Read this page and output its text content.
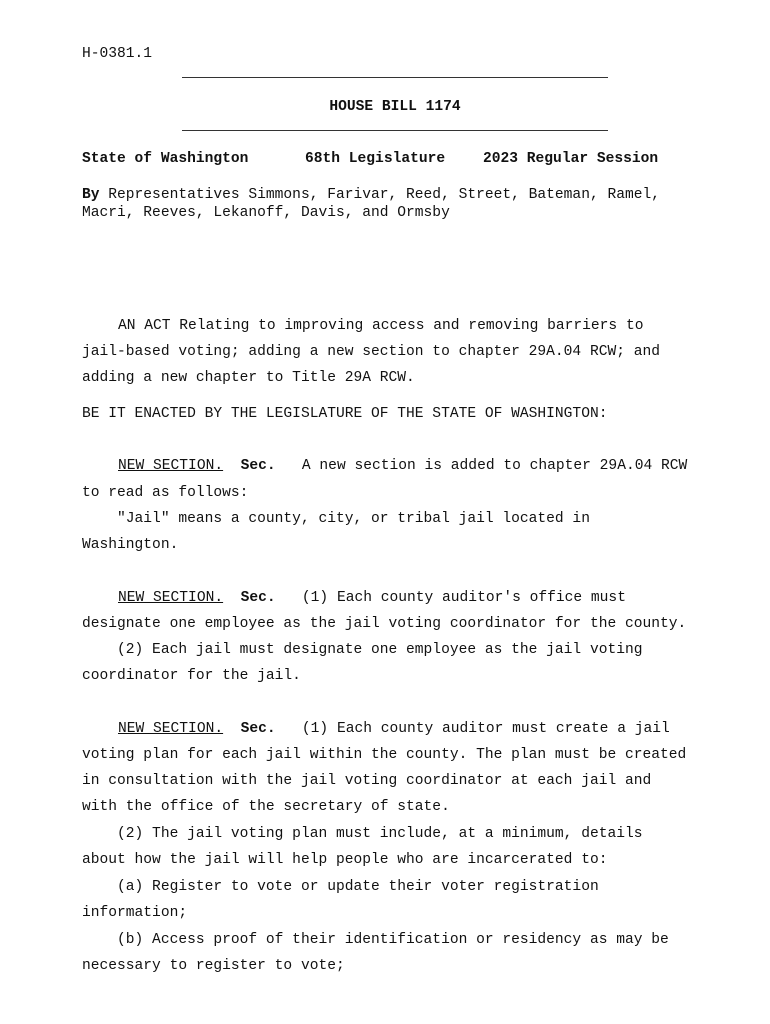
H-0381.1
HOUSE BILL 1174
State of Washington	68th Legislature	2023 Regular Session
By Representatives Simmons, Farivar, Reed, Street, Bateman, Ramel,
Macri, Reeves, Lekanoff, Davis, and Ormsby
AN ACT Relating to improving access and removing barriers to
jail-based voting; adding a new section to chapter 29A.04 RCW; and
adding a new chapter to Title 29A RCW.
BE IT ENACTED BY THE LEGISLATURE OF THE STATE OF WASHINGTON:
NEW SECTION. Sec.   A new section is added to chapter 29A.04 RCW
to read as follows:
"Jail" means a county, city, or tribal jail located in
Washington.
NEW SECTION. Sec.   (1) Each county auditor's office must
designate one employee as the jail voting coordinator for the county.
(2) Each jail must designate one employee as the jail voting
coordinator for the jail.
NEW SECTION. Sec.   (1) Each county auditor must create a jail
voting plan for each jail within the county. The plan must be created
in consultation with the jail voting coordinator at each jail and
with the office of the secretary of state.
(2) The jail voting plan must include, at a minimum, details
about how the jail will help people who are incarcerated to:
(a) Register to vote or update their voter registration
information;
(b) Access proof of their identification or residency as may be
necessary to register to vote;
